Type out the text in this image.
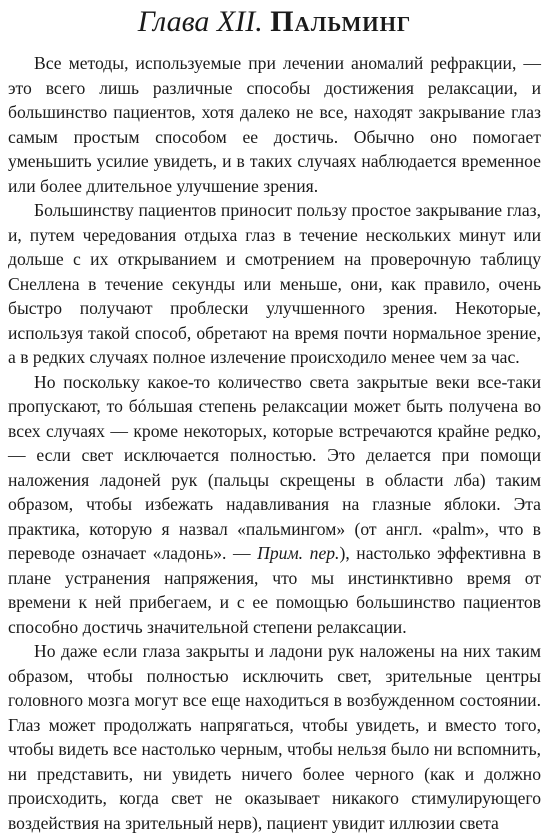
Глава XII. Пальминг

Все методы, используемые при лечении аномалий рефракции, — это всего лишь различные способы достижения релаксации, и большинство пациентов, хотя далеко не все, находят закрывание глаз самым простым способом ее достичь. Обычно оно помогает уменьшить усилие увидеть, и в таких случаях наблюдается временное или более длительное улучшение зрения.

Большинству пациентов приносит пользу простое закрывание глаз, и, путем чередования отдыха глаз в течение нескольких минут или дольше с их открыванием и смотрением на проверочную таблицу Снеллена в течение секунды или меньше, они, как правило, очень быстро получают проблески улучшенного зрения. Некоторые, используя такой способ, обретают на время почти нормальное зрение, а в редких случаях полное излечение происходило менее чем за час.

Но поскольку какое-то количество света закрытые веки все-таки пропускают, то бóльшая степень релаксации может быть получена во всех случаях — кроме некоторых, которые встречаются крайне редко, — если свет исключается полностью. Это делается при помощи наложения ладоней рук (пальцы скрещены в области лба) таким образом, чтобы избежать надавливания на глазные яблоки. Эта практика, которую я назвал «пальмингом» (от англ. «palm», что в переводе означает «ладонь». — Прим. пер.), настолько эффективна в плане устранения напряжения, что мы инстинктивно время от времени к ней прибегаем, и с ее помощью большинство пациентов способно достичь значительной степени релаксации.

Но даже если глаза закрыты и ладони рук наложены на них таким образом, чтобы полностью исключить свет, зрительные центры головного мозга могут все еще находиться в возбужденном состоянии. Глаз может продолжать напрягаться, чтобы увидеть, и вместо того, чтобы видеть все настолько черным, чтобы нельзя было ни вспомнить, ни представить, ни увидеть ничего более черного (как и должно происходить, когда свет не оказывает никакого стимулирующего воздействия на зрительный нерв), пациент увидит иллюзии света
